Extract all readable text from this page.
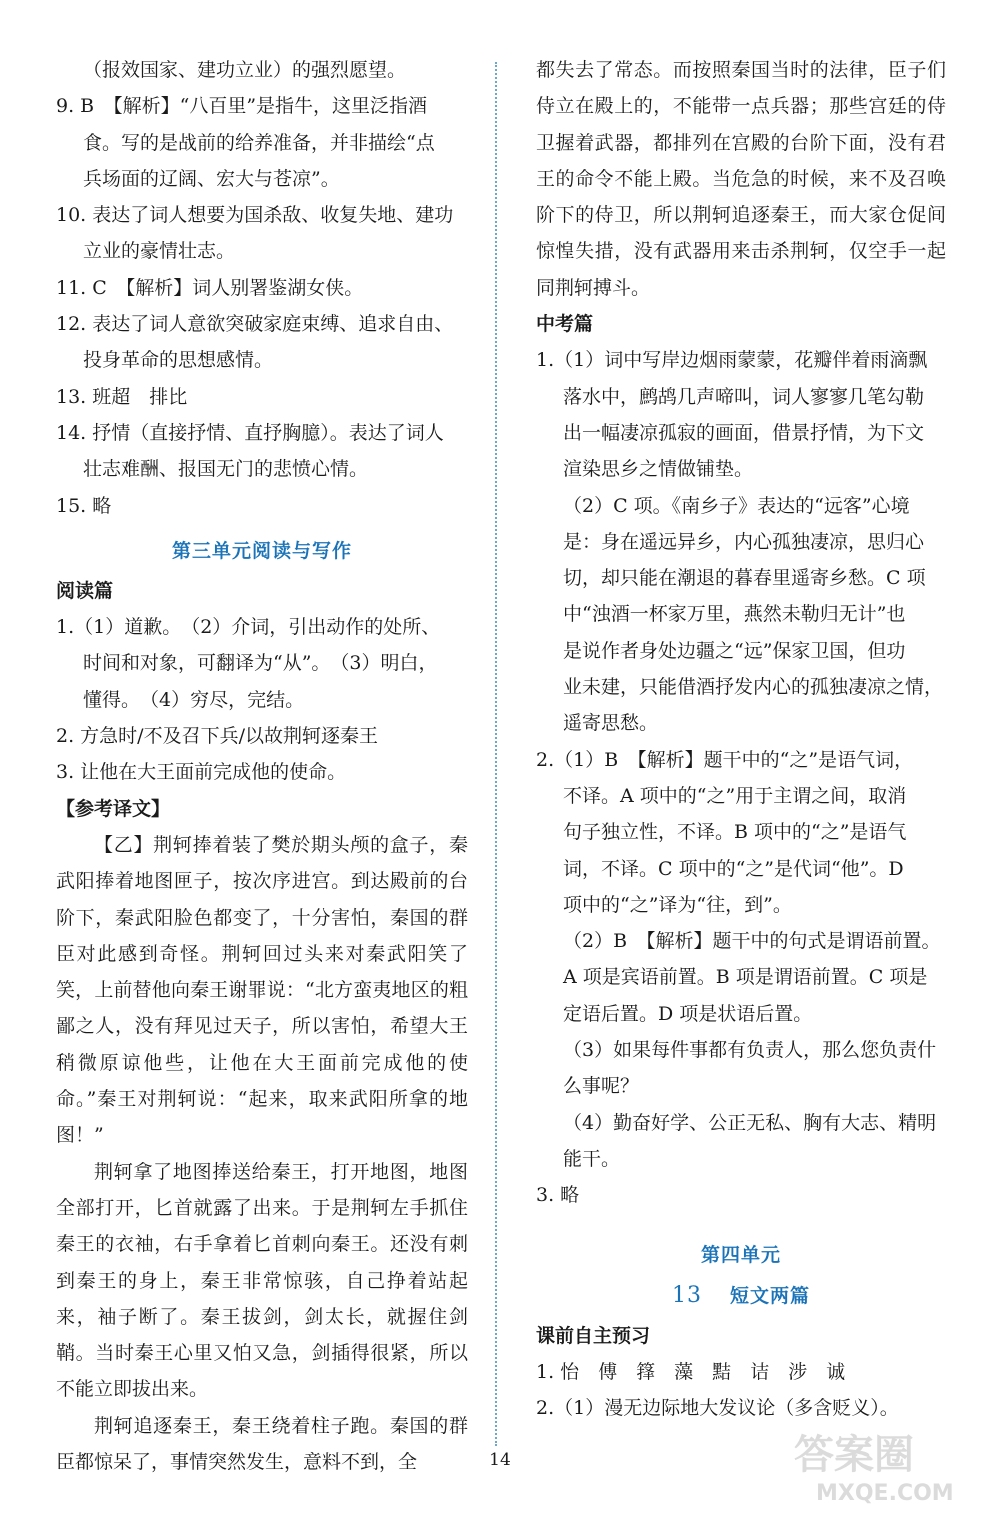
（报效国家、建功立业）的强烈愿望。

9. B　【解析】“八百里”是指牛，这里泛指酒

食。写的是战前的给养准备，并非描绘“点

兵场面的辽阔、宏大与苍凉”。

10. 表达了词人想要为国杀敌、收复失地、建功

立业的豪情壮志。

11. C　【解析】词人别署鉴湖女侠。

12. 表达了词人意欲突破家庭束缚、追求自由、

投身革命的思想感情。

13. 班超　排比

14. 抒情（直接抒情、直抒胸臆）。表达了词人

壮志难酬、报国无门的悲愤心情。

15. 略

第三单元阅读与写作

阅读篇

1.（1）道歉。　（2）介词，引出动作的处所、

时间和对象，可翻译为“从”。　（3）明白，

懂得。　（4）穷尽，完结。

2. 方急时/不及召下兵/以故荆轲逐秦王

3. 让他在大王面前完成他的使命。

【参考译文】

【乙】荆轲捧着装了樊於期头颅的盒子，秦武阳捧着地图匣子，按次序进宫。到达殿前的台阶下，秦武阳脸色都变了，十分害怕，秦国的群臣对此感到奇怪。荆轲回过头来对秦武阳笑了笑，上前替他向秦王谢罪说：“北方蛮夷地区的粗鄙之人，没有拜见过天子，所以害怕，希望大王稍微原谅他些，让他在大王面前完成他的使命。”秦王对荆轲说：“起来，取来武阳所拿的地图！”

荆轲拿了地图捧送给秦王，打开地图，地图全部打开，匕首就露了出来。于是荆轲左手抓住秦王的衣袖，右手拿着匕首刺向秦王。还没有刺到秦王的身上，秦王非常惊骇，自己挣着站起来，袖子断了。秦王拔剑，剑太长，就握住剑鞘。当时秦王心里又怕又急，剑插得很紧，所以不能立即拔出来。

荆轲追逐秦王，秦王绕着柱子跑。秦国的群臣都惊呆了，事情突然发生，意料不到，全

都失去了常态。而按照秦国当时的法律，臣子们侍立在殿上的，不能带一点兵器；那些宫廷的侍卫握着武器，都排列在宫殿的台阶下面，没有君王的命令不能上殿。当危急的时候，来不及召唤阶下的侍卫，所以荆轲追逐秦王，而大家仓促间惊惶失措，没有武器用来击杀荆轲，仅空手一起同荆轲搏斗。

中考篇

1.（1）词中写岸边烟雨蒙蒙，花瓣伴着雨滴飘

落水中，鹧鸪几声啼叫，词人寥寥几笔勾勒

出一幅凄凉孤寂的画面，借景抒情，为下文

渲染思乡之情做铺垫。

（2）C 项。《南乡子》表达的“远客”心境

是：身在遥远异乡，内心孤独凄凉，思归心

切，却只能在潮退的暮春里遥寄乡愁。C 项

中“浊酒一杯家万里，燕然未勒归无计”也

是说作者身处边疆之“远”保家卫国，但功

业未建，只能借酒抒发内心的孤独凄凉之情，

遥寄思愁。

2.（1）B　【解析】题干中的“之”是语气词，

不译。A 项中的“之”用于主谓之间，取消

句子独立性，不译。B 项中的“之”是语气

词，不译。C 项中的“之”是代词“他”。D

项中的“之”译为“往，到”。

（2）B　【解析】题干中的句式是谓语前置。

A 项是宾语前置。B 项是谓语前置。C 项是

定语后置。D 项是状语后置。

（3）如果每件事都有负责人，那么您负责什

么事呢？

（4）勤奋好学、公正无私、胸有大志、精明

能干。

3. 略

第四单元
13 短文两篇

课前自主预习

1. 怡　傅　箨　藻　黠　诘　涉　诚

2.（1）漫无边际地大发议论（多含贬义）。

14	答案圈
MXQE.COM
